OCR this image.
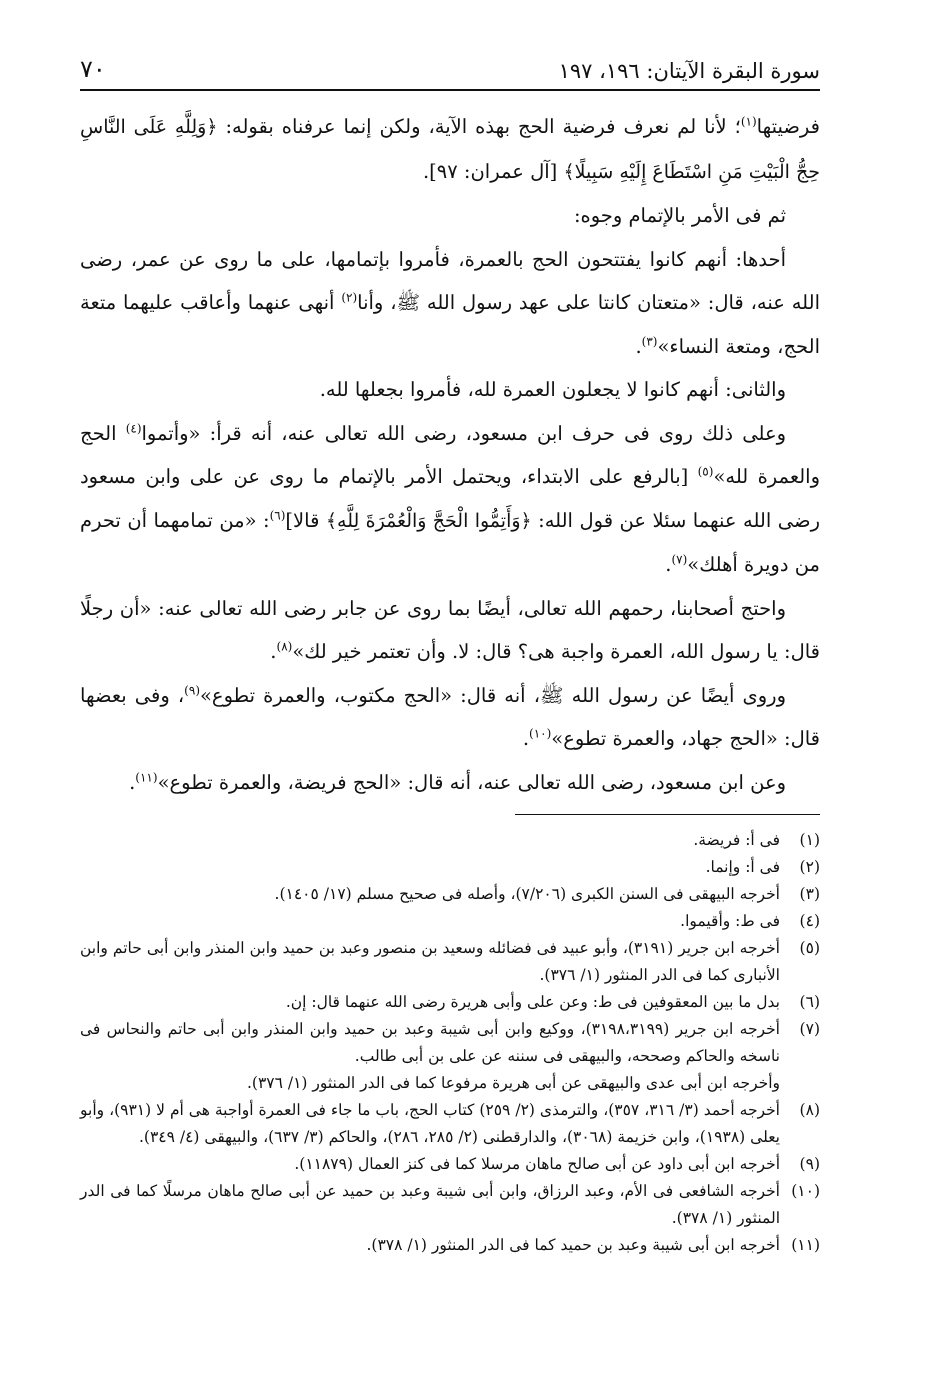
سورة البقرة الآيتان: ١٩٦، ١٩٧
٧٠

فرضيتها$^{(١)}$؛ لأنا لم نعرف فرضية الحج بهذه الآية، ولكن إنما عرفناه بقوله: ﴿وَلِلَّهِ عَلَى النَّاسِ حِجُّ الْبَيْتِ مَنِ اسْتَطَاعَ إِلَيْهِ سَبِيلًا﴾ [آل عمران: ٩٧].

ثم فى الأمر بالإتمام وجوه:

أحدها: أنهم كانوا يفتتحون الحج بالعمرة، فأمروا بإتمامها، على ما روى عن عمر، رضى الله عنه، قال: «متعتان كانتا على عهد رسول الله ﷺ، وأنا$^{(٢)}$ أنهى عنهما وأعاقب عليهما متعة الحج، ومتعة النساء»$^{(٣)}$.

والثانى: أنهم كانوا لا يجعلون العمرة لله، فأمروا بجعلها لله.

وعلى ذلك روى فى حرف ابن مسعود، رضى الله تعالى عنه، أنه قرأ: «وأتموا$^{(٤)}$ الحج والعمرة لله»$^{(٥)}$ [بالرفع على الابتداء، ويحتمل الأمر بالإتمام ما روى عن على وابن مسعود رضى الله عنهما سئلا عن قول الله: ﴿وَأَتِمُّوا الْحَجَّ وَالْعُمْرَةَ لِلَّهِ﴾ قالا]$^{(٦)}$: «من تمامهما أن تحرم من دويرة أهلك»$^{(٧)}$.

واحتج أصحابنا، رحمهم الله تعالى، أيضًا بما روى عن جابر رضى الله تعالى عنه: «أن رجلًا قال: يا رسول الله، العمرة واجبة هى؟ قال: لا. وأن تعتمر خير لك»$^{(٨)}$.

وروى أيضًا عن رسول الله ﷺ، أنه قال: «الحج مكتوب، والعمرة تطوع»$^{(٩)}$، وفى بعضها قال: «الحج جهاد، والعمرة تطوع»$^{(١٠)}$.

وعن ابن مسعود، رضى الله تعالى عنه، أنه قال: «الحج فريضة، والعمرة تطوع»$^{(١١)}$.

(١)
فى أ: فريضة.
(٢)
فى أ: وإنما.
(٣)
أخرجه البيهقى فى السنن الكبرى (٧/٢٠٦)، وأصله فى صحيح مسلم (١٧/ ١٤٠٥).
(٤)
فى ط: وأقيموا.
(٥)
أخرجه ابن جرير (٣١٩١)، وأبو عبيد فى فضائله وسعيد بن منصور وعبد بن حميد وابن المنذر وابن أبى حاتم وابن الأنبارى كما فى الدر المنثور (١/ ٣٧٦).
(٦)
بدل ما بين المعقوفين فى ط: وعن على وأبى هريرة رضى الله عنهما قال: إن.
(٧)
أخرجه ابن جرير (٣١٩٨،٣١٩٩)، ووكيع وابن أبى شيبة وعبد بن حميد وابن المنذر وابن أبى حاتم والنحاس فى ناسخه والحاكم وصححه، والبيهقى فى سننه عن على بن أبى طالب.
وأخرجه ابن أبى عدى والبيهقى عن أبى هريرة مرفوعا كما فى الدر المنثور (١/ ٣٧٦).
(٨)
أخرجه أحمد (٣/ ٣١٦، ٣٥٧)، والترمذى (٢/ ٢٥٩) كتاب الحج، باب ما جاء فى العمرة أواجبة هى أم لا (٩٣١)، وأبو يعلى (١٩٣٨)، وابن خزيمة (٣٠٦٨)، والدارقطنى (٢/ ٢٨٥، ٢٨٦)، والحاكم (٣/ ٦٣٧)، والبيهقى (٤/ ٣٤٩).
(٩)
أخرجه ابن أبى داود عن أبى صالح ماهان مرسلا كما فى كنز العمال (١١٨٧٩).
(١٠)
أخرجه الشافعى فى الأم، وعبد الرزاق، وابن أبى شيبة وعبد بن حميد عن أبى صالح ماهان مرسلًا كما فى الدر المنثور (١/ ٣٧٨).
(١١)
أخرجه ابن أبى شيبة وعبد بن حميد كما فى الدر المنثور (١/ ٣٧٨).
